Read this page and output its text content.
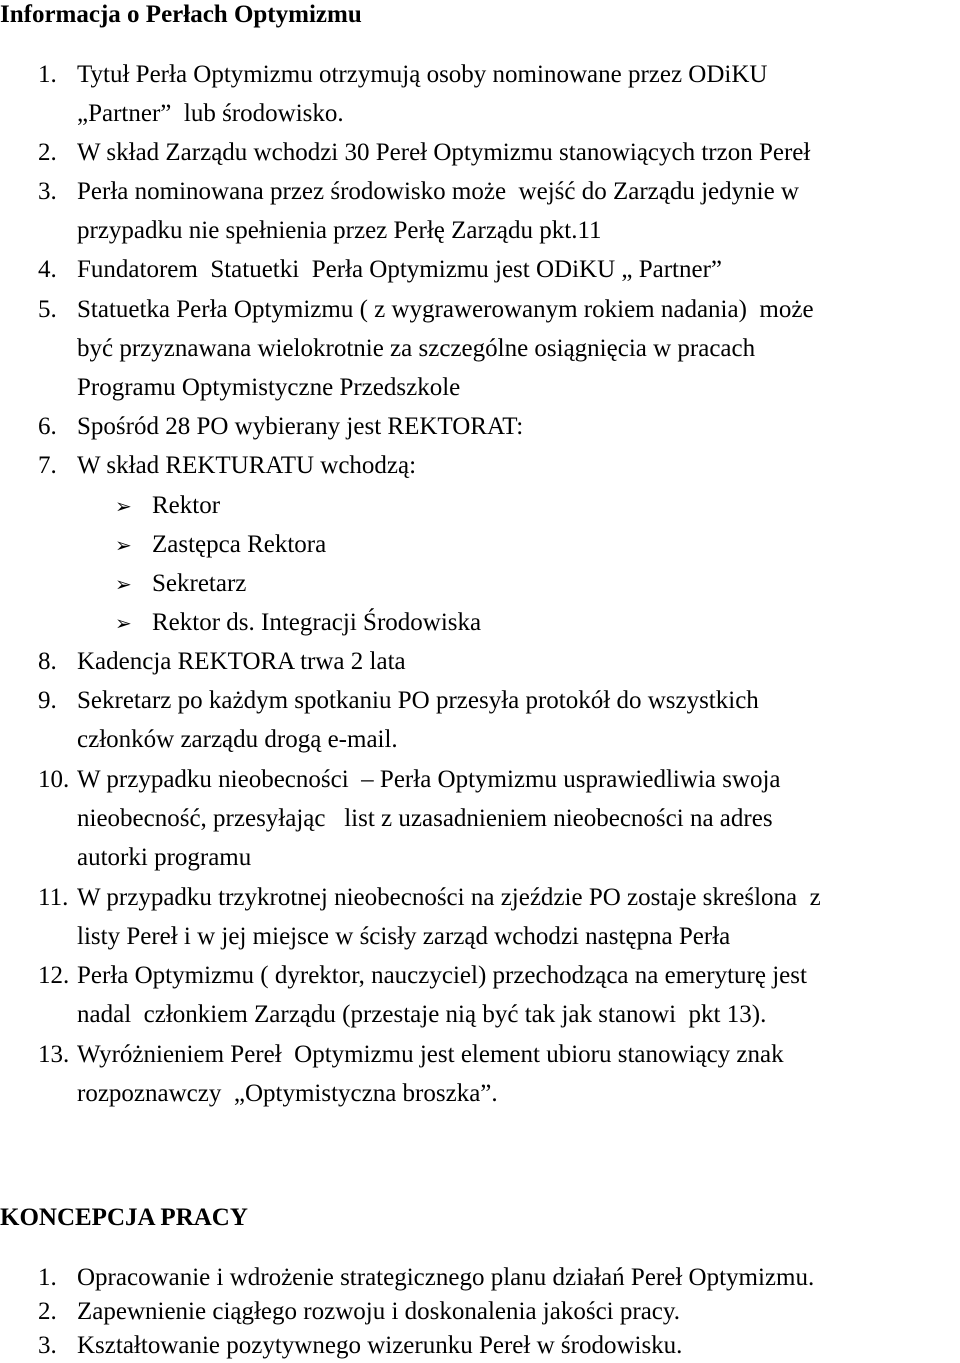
Informacja o Perłach Optymizmu
1. Tytuł Perła Optymizmu otrzymują osoby nominowane przez ODiKU
„Partner”  lub środowisko.
2. W skład Zarządu wchodzi 30 Pereł Optymizmu stanowiących trzon Pereł
3. Perła nominowana przez środowisko może  wejść do Zarządu jedynie w
przypadku nie spełnienia przez Perłę Zarządu pkt.11
4. Fundatorem  Statuetki  Perła Optymizmu jest ODiKU „ Partner”
5. Statuetka Perła Optymizmu ( z wygrawerowanym rokiem nadania)  może
być przyznawana wielokrotnie za szczególne osiągnięcia w pracach
Programu Optymistyczne Przedszkole
6. Spośród 28 PO wybierany jest REKTORAT:
7. W skład REKTURATU wchodzą:
➢ Rektor
➢ Zastępca Rektora
➢ Sekretarz
➢ Rektor ds. Integracji Środowiska
8. Kadencja REKTORA trwa 2 lata
9. Sekretarz po każdym spotkaniu PO przesyła protokół do wszystkich
członków zarządu drogą e-mail.
10. W przypadku nieobecności  – Perła Optymizmu usprawiedliwia swoja
nieobecność, przesyłając   list z uzasadnieniem nieobecności na adres
autorki programu
11. W przypadku trzykrotnej nieobecności na zjeździe PO zostaje skreślona  z
listy Pereł i w jej miejsce w ścisły zarząd wchodzi następna Perła
12. Perła Optymizmu ( dyrektor, nauczyciel) przechodząca na emeryturę jest
nadal  członkiem Zarządu (przestaje nią być tak jak stanowi  pkt 13).
13. Wyróżnieniem Pereł  Optymizmu jest element ubioru stanowiący znak
rozpoznawczy  „Optymistyczna broszka”.
KONCEPCJA PRACY
1. Opracowanie i wdrożenie strategicznego planu działań Pereł Optymizmu.
2. Zapewnienie ciągłego rozwoju i doskonalenia jakości pracy.
3. Kształtowanie pozytywnego wizerunku Pereł w środowisku.
